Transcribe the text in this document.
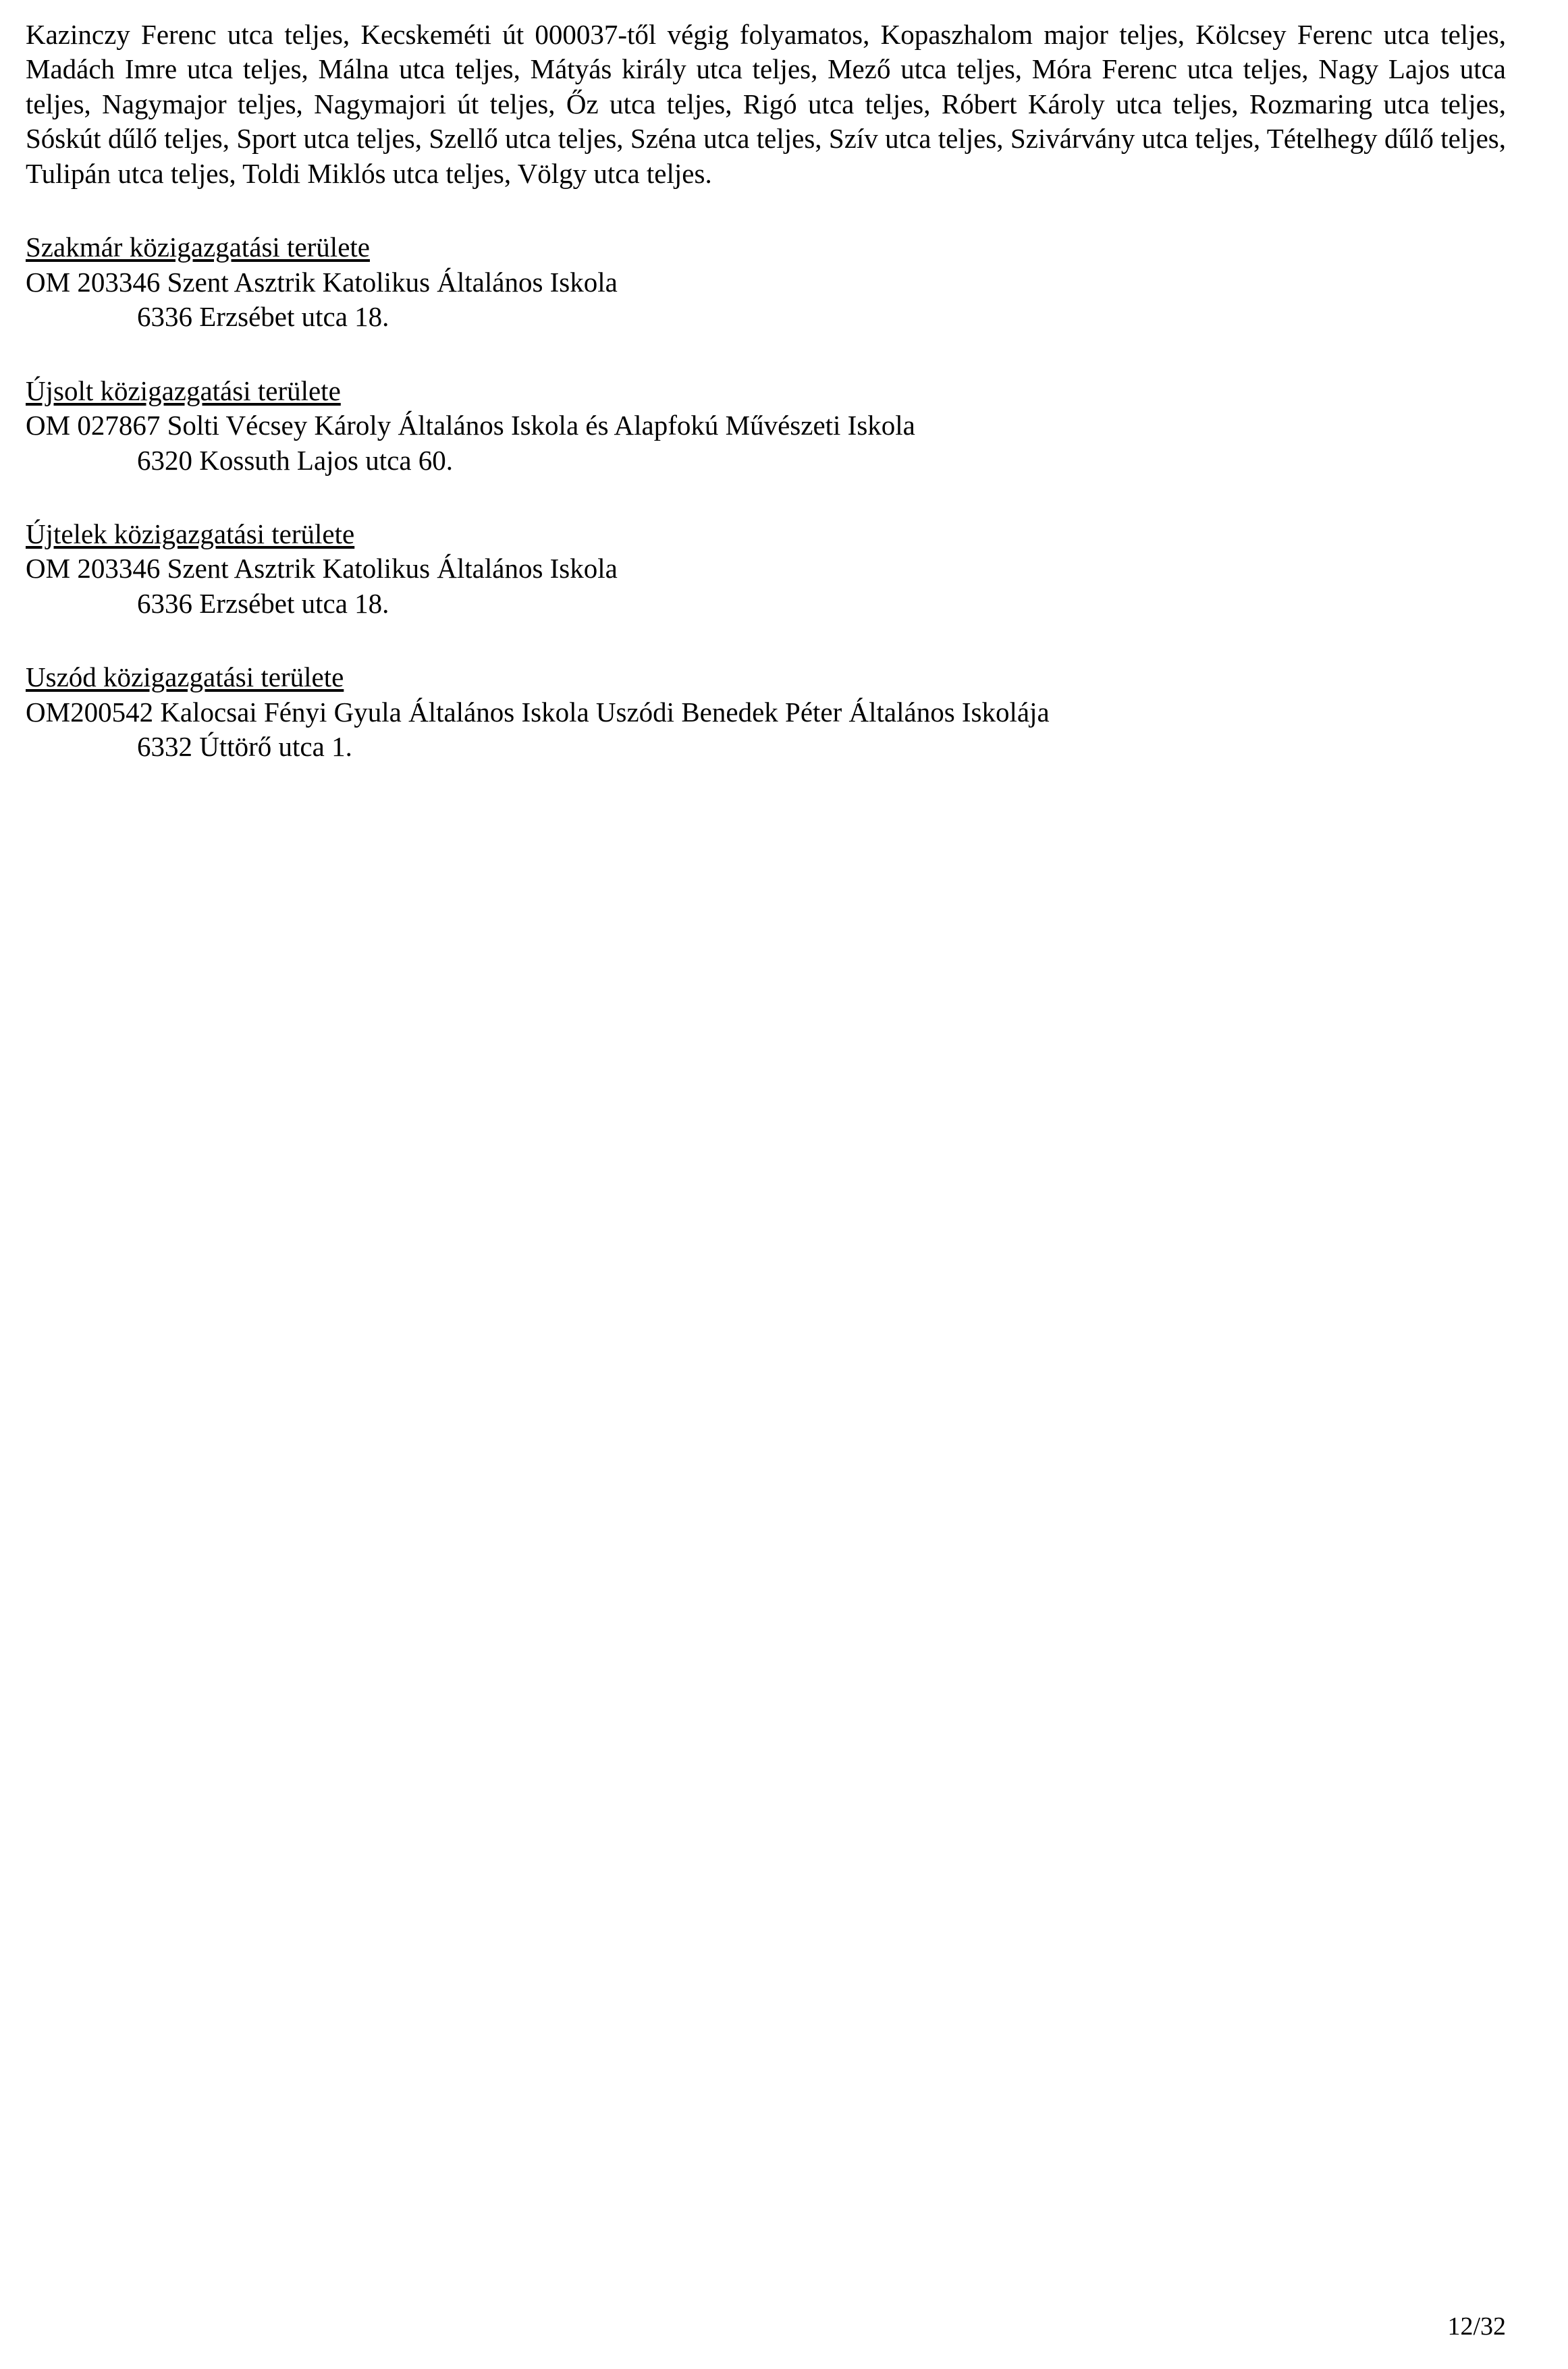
Kazinczy Ferenc utca teljes, Kecskeméti út 000037-től végig folyamatos, Kopaszhalom major teljes, Kölcsey Ferenc utca teljes, Madách Imre utca teljes, Málna utca teljes, Mátyás király utca teljes, Mező utca teljes, Móra Ferenc utca teljes, Nagy Lajos utca teljes, Nagymajor teljes, Nagymajori út teljes, Őz utca teljes, Rigó utca teljes, Róbert Károly utca teljes, Rozmaring utca teljes, Sóskút dűlő teljes, Sport utca teljes, Szellő utca teljes, Széna utca teljes, Szív utca teljes, Szivárvány utca teljes, Tételhegy dűlő teljes, Tulipán utca teljes, Toldi Miklós utca teljes, Völgy utca teljes.

Szakmár közigazgatási területe

OM 203346 Szent Asztrik Katolikus Általános Iskola

6336 Erzsébet utca 18.

Újsolt közigazgatási területe

OM 027867 Solti Vécsey Károly Általános Iskola és Alapfokú Művészeti Iskola

6320 Kossuth Lajos utca 60.

Újtelek közigazgatási területe

OM 203346 Szent Asztrik Katolikus Általános Iskola

6336 Erzsébet utca 18.

Uszód közigazgatási területe

OM200542 Kalocsai Fényi Gyula Általános Iskola Uszódi Benedek Péter Általános Iskolája

6332 Úttörő utca 1.

12/32
